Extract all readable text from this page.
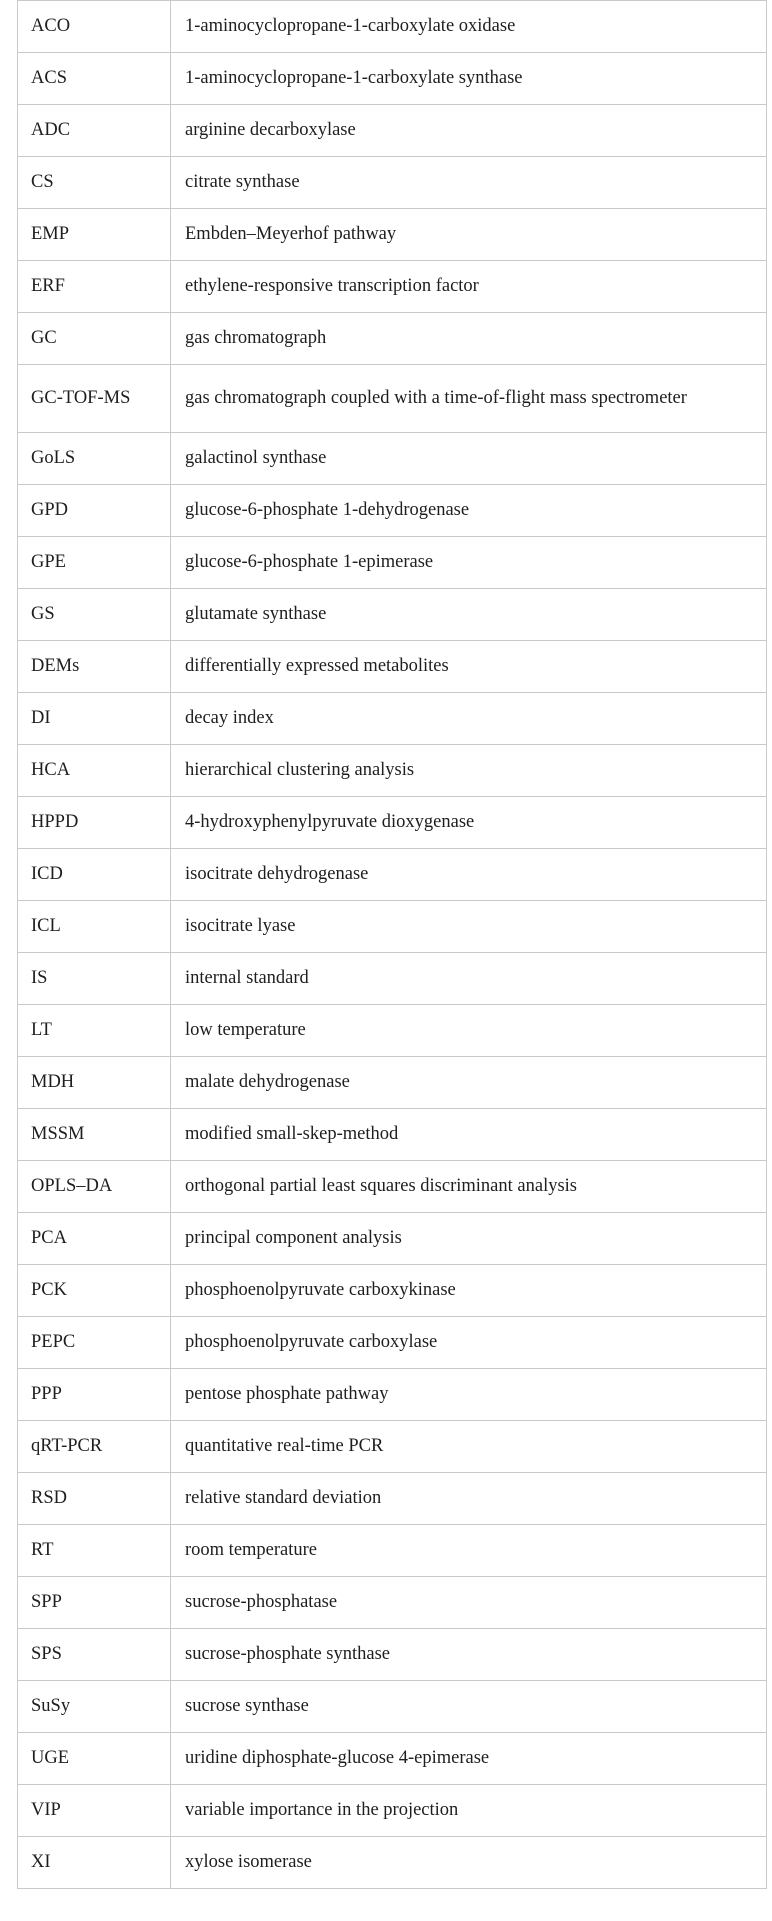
ACO	1-aminocyclopropane-1-carboxylate oxidase
ACS	1-aminocyclopropane-1-carboxylate synthase
ADC	arginine decarboxylase
CS	citrate synthase
EMP	Embden–Meyerhof pathway
ERF	ethylene-responsive transcription factor
GC	gas chromatograph
GC-TOF-MS	gas chromatograph coupled with a time-of-flight mass spectrometer
GoLS	galactinol synthase
GPD	glucose-6-phosphate 1-dehydrogenase
GPE	glucose-6-phosphate 1-epimerase
GS	glutamate synthase
DEMs	differentially expressed metabolites
DI	decay index
HCA	hierarchical clustering analysis
HPPD	4-hydroxyphenylpyruvate dioxygenase
ICD	isocitrate dehydrogenase
ICL	isocitrate lyase
IS	internal standard
LT	low temperature
MDH	malate dehydrogenase
MSSM	modified small-skep-method
OPLS–DA	orthogonal partial least squares discriminant analysis
PCA	principal component analysis
PCK	phosphoenolpyruvate carboxykinase
PEPC	phosphoenolpyruvate carboxylase
PPP	pentose phosphate pathway
qRT-PCR	quantitative real-time PCR
RSD	relative standard deviation
RT	room temperature
SPP	sucrose-phosphatase
SPS	sucrose-phosphate synthase
SuSy	sucrose synthase
UGE	uridine diphosphate-glucose 4-epimerase
VIP	variable importance in the projection
XI	xylose isomerase
